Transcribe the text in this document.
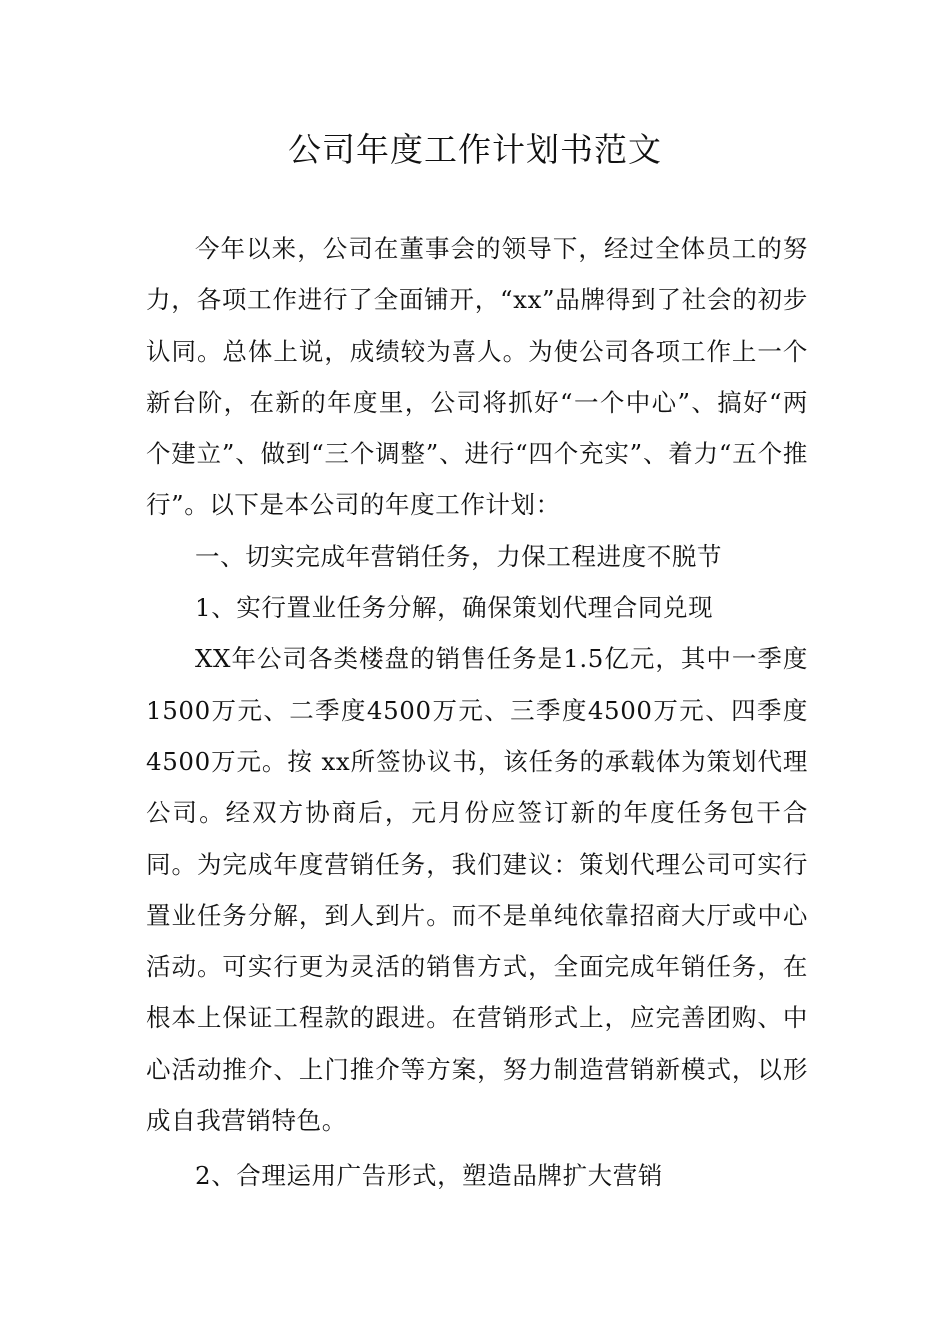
公司年度工作计划书范文

今年以来，公司在董事会的领导下，经过全体员工的努力，各项工作进行了全面铺开，“xx”品牌得到了社会的初步认同。总体上说，成绩较为喜人。为使公司各项工作上一个新台阶，在新的年度里，公司将抓好“一个中心”、搞好“两个建立”、做到“三个调整”、进行“四个充实”、着力“五个推行”。以下是本公司的年度工作计划：

一、切实完成年营销任务，力保工程进度不脱节

1、实行置业任务分解，确保策划代理合同兑现

XX年公司各类楼盘的销售任务是1.5亿元，其中一季度1500万元、二季度4500万元、三季度4500万元、四季度4500万元。按 xx所签协议书，该任务的承载体为策划代理公司。经双方协商后，元月份应签订新的年度任务包干合同。为完成年度营销任务，我们建议：策划代理公司可实行置业任务分解，到人到片。而不是单纯依靠招商大厅或中心活动。可实行更为灵活的销售方式，全面完成年销任务，在根本上保证工程款的跟进。在营销形式上，应完善团购、中心活动推介、上门推介等方案，努力制造营销新模式，以形成自我营销特色。

2、合理运用广告形式，塑造品牌扩大营销
